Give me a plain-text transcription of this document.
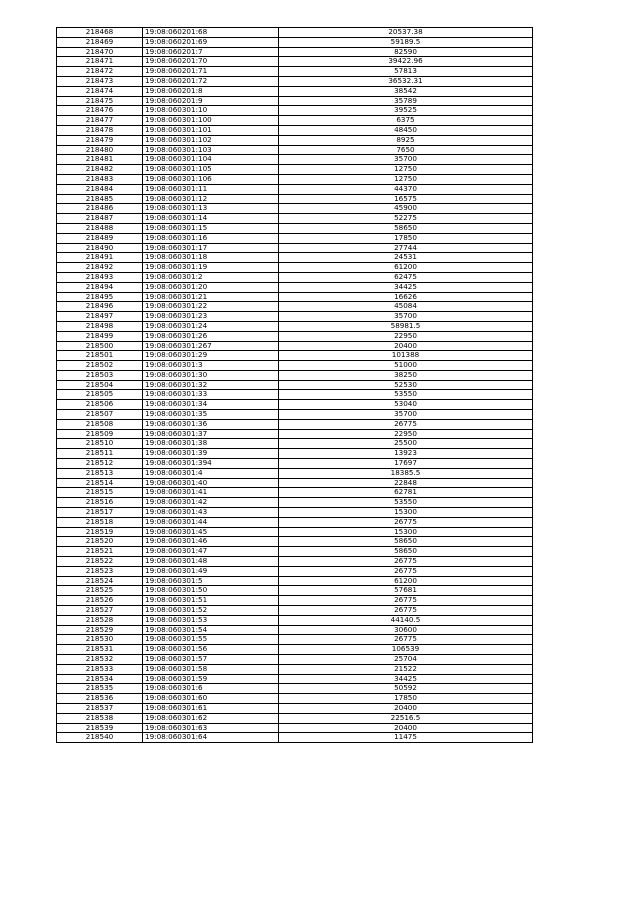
218468	19:08:060201:68	20537.38
218469	19:08:060201:69	59189.5
218470	19:08:060201:7	82590
218471	19:08:060201:70	39422.96
218472	19:08:060201:71	57813
218473	19:08:060201:72	36532.31
218474	19:08:060201:8	38542
218475	19:08:060201:9	35789
218476	19:08:060301:10	39525
218477	19:08:060301:100	6375
218478	19:08:060301:101	48450
218479	19:08:060301:102	8925
218480	19:08:060301:103	7650
218481	19:08:060301:104	35700
218482	19:08:060301:105	12750
218483	19:08:060301:106	12750
218484	19:08:060301:11	44370
218485	19:08:060301:12	16575
218486	19:08:060301:13	45900
218487	19:08:060301:14	52275
218488	19:08:060301:15	58650
218489	19:08:060301:16	17850
218490	19:08:060301:17	27744
218491	19:08:060301:18	24531
218492	19:08:060301:19	61200
218493	19:08:060301:2	62475
218494	19:08:060301:20	34425
218495	19:08:060301:21	16626
218496	19:08:060301:22	45084
218497	19:08:060301:23	35700
218498	19:08:060301:24	58981.5
218499	19:08:060301:26	22950
218500	19:08:060301:267	20400
218501	19:08:060301:29	101388
218502	19:08:060301:3	51000
218503	19:08:060301:30	38250
218504	19:08:060301:32	52530
218505	19:08:060301:33	53550
218506	19:08:060301:34	53040
218507	19:08:060301:35	35700
218508	19:08:060301:36	26775
218509	19:08:060301:37	22950
218510	19:08:060301:38	25500
218511	19:08:060301:39	13923
218512	19:08:060301:394	17697
218513	19:08:060301:4	18385.5
218514	19:08:060301:40	22848
218515	19:08:060301:41	62781
218516	19:08:060301:42	53550
218517	19:08:060301:43	15300
218518	19:08:060301:44	26775
218519	19:08:060301:45	15300
218520	19:08:060301:46	58650
218521	19:08:060301:47	58650
218522	19:08:060301:48	26775
218523	19:08:060301:49	26775
218524	19:08:060301:5	61200
218525	19:08:060301:50	57681
218526	19:08:060301:51	26775
218527	19:08:060301:52	26775
218528	19:08:060301:53	44140.5
218529	19:08:060301:54	30600
218530	19:08:060301:55	26775
218531	19:08:060301:56	106539
218532	19:08:060301:57	25704
218533	19:08:060301:58	21522
218534	19:08:060301:59	34425
218535	19:08:060301:6	50592
218536	19:08:060301:60	17850
218537	19:08:060301:61	20400
218538	19:08:060301:62	22516.5
218539	19:08:060301:63	20400
218540	19:08:060301:64	11475
